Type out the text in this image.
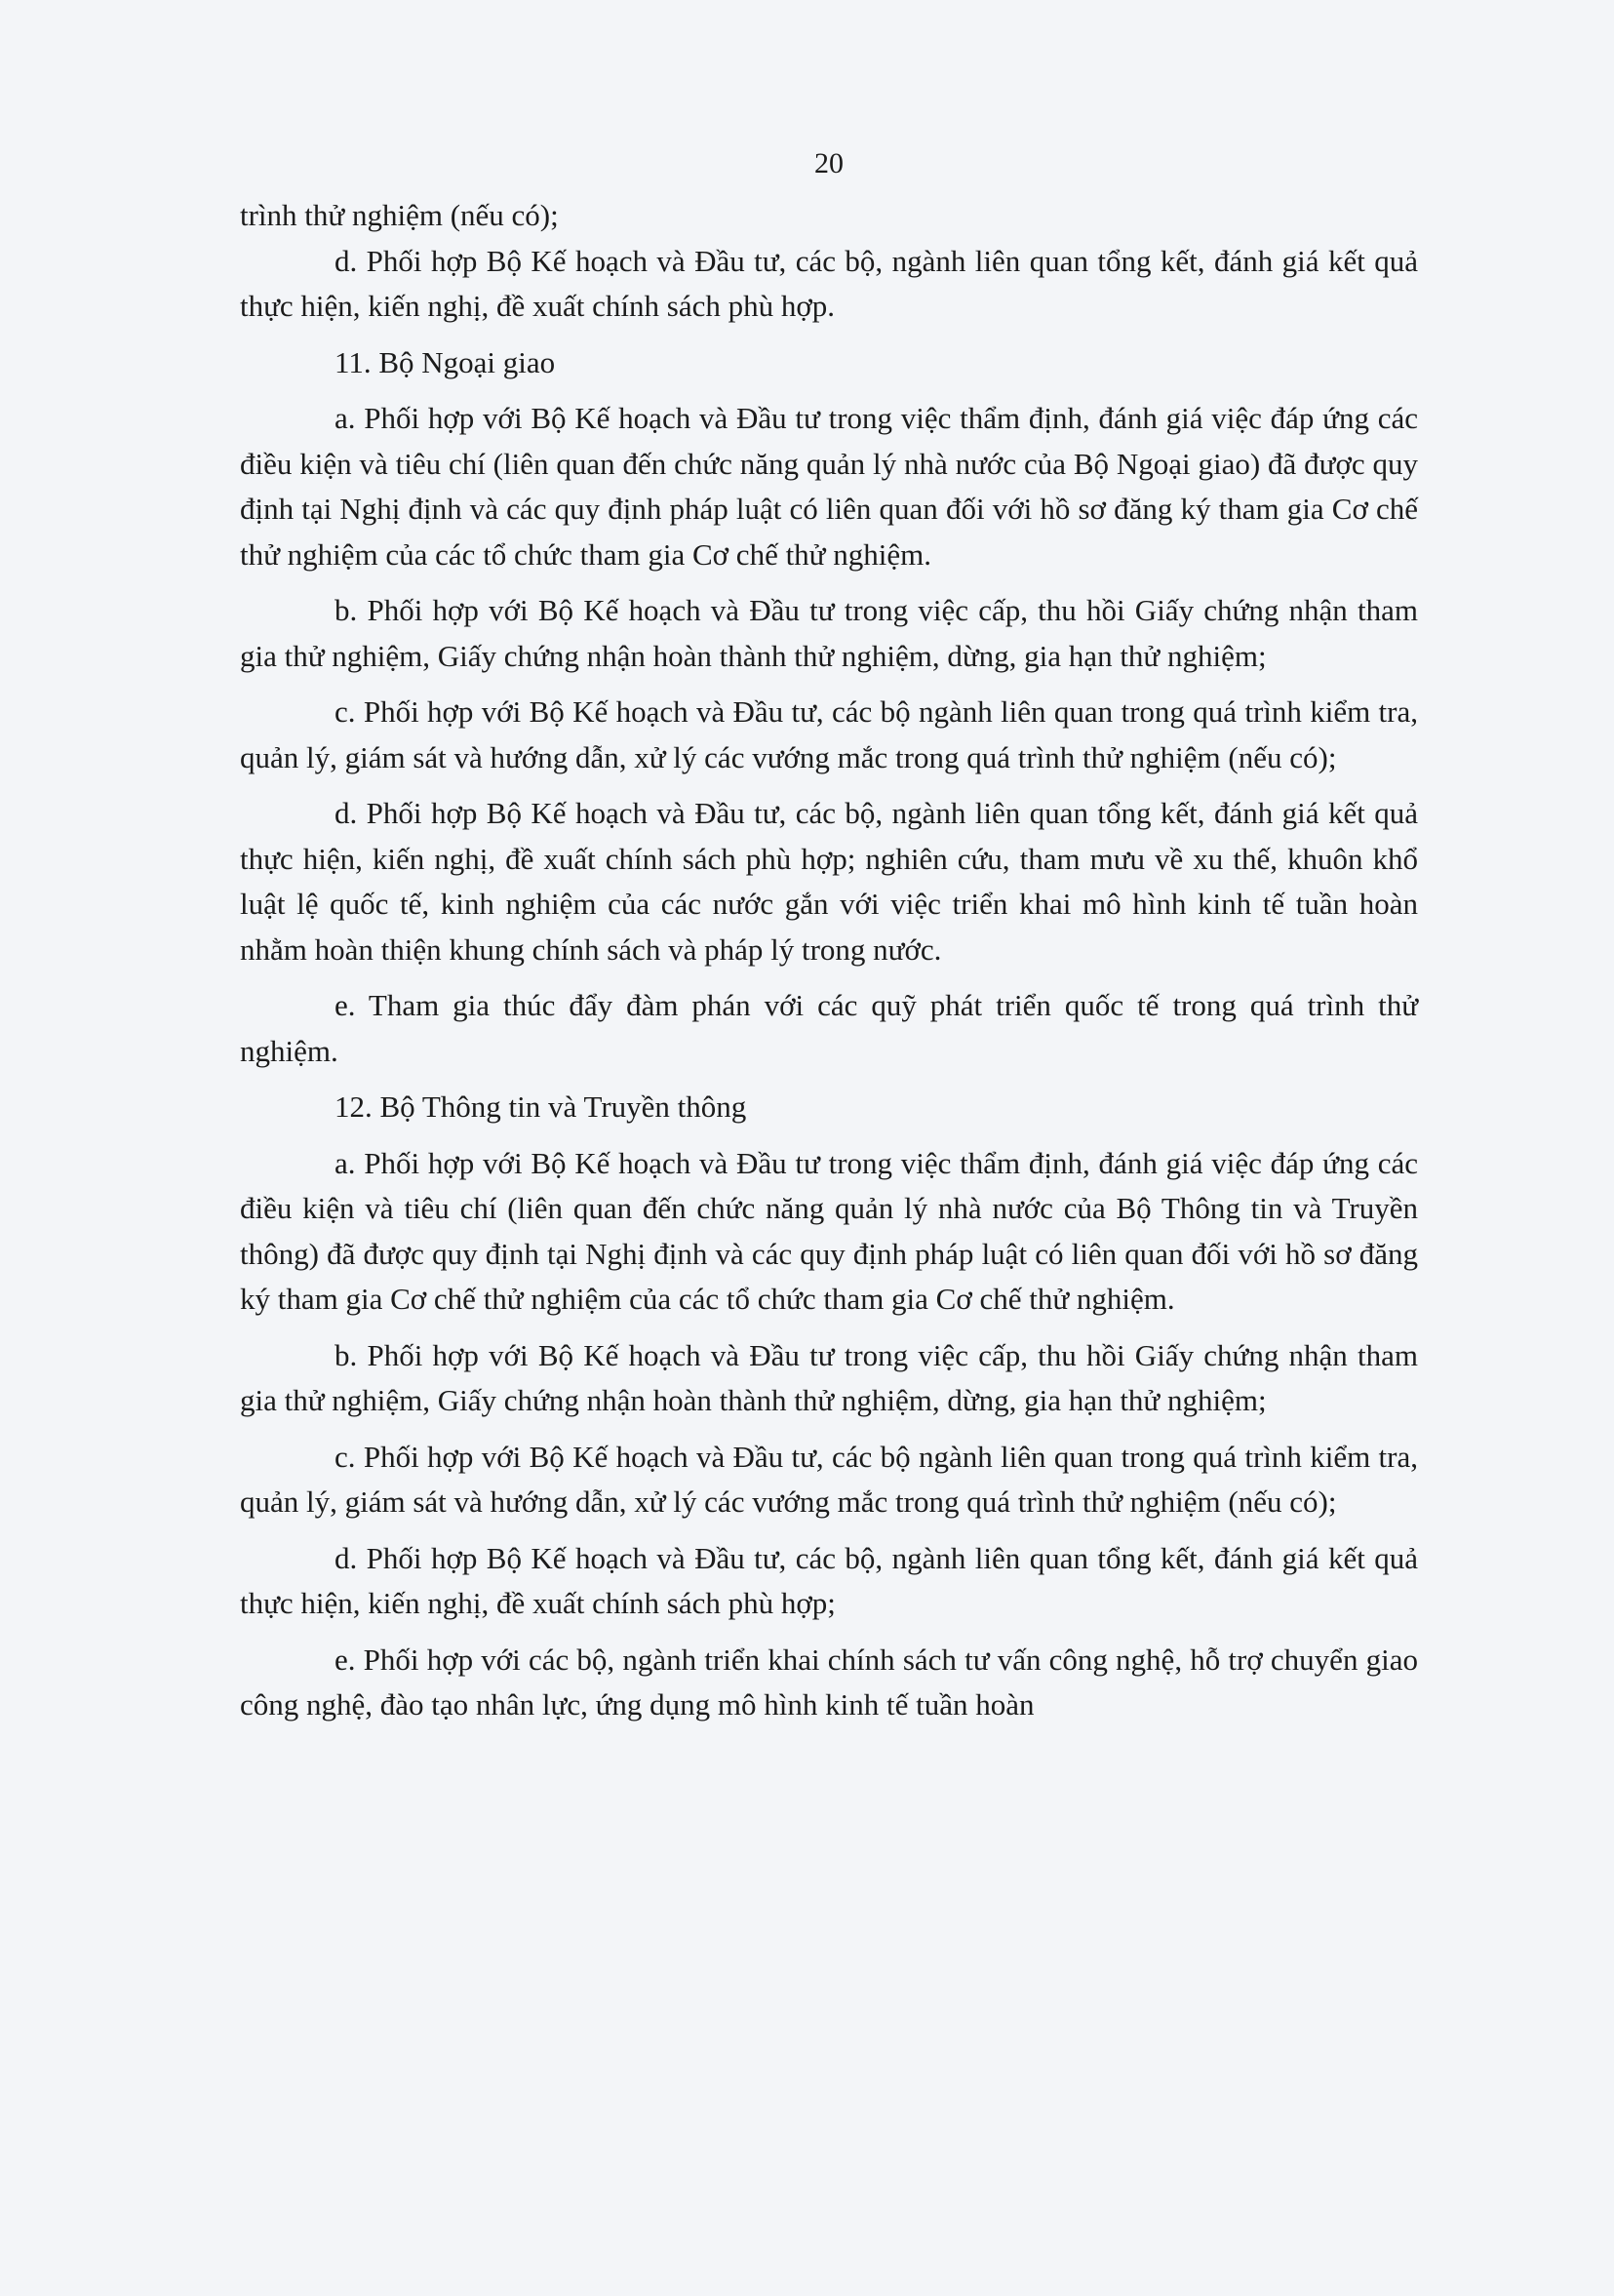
20

trình thử nghiệm (nếu có);

d. Phối hợp Bộ Kế hoạch và Đầu tư, các bộ, ngành liên quan tổng kết, đánh giá kết quả thực hiện, kiến nghị, đề xuất chính sách phù hợp.

11. Bộ Ngoại giao

a. Phối hợp với Bộ Kế hoạch và Đầu tư trong việc thẩm định, đánh giá việc đáp ứng các điều kiện và tiêu chí (liên quan đến chức năng quản lý nhà nước của Bộ Ngoại giao) đã được quy định tại Nghị định và các quy định pháp luật có liên quan đối với hồ sơ đăng ký tham gia Cơ chế thử nghiệm của các tổ chức tham gia Cơ chế thử nghiệm.

b. Phối hợp với Bộ Kế hoạch và Đầu tư trong việc cấp, thu hồi Giấy chứng nhận tham gia thử nghiệm, Giấy chứng nhận hoàn thành thử nghiệm, dừng, gia hạn thử nghiệm;

c. Phối hợp với Bộ Kế hoạch và Đầu tư, các bộ ngành liên quan trong quá trình kiểm tra, quản lý, giám sát và hướng dẫn, xử lý các vướng mắc trong quá trình thử nghiệm (nếu có);

d. Phối hợp Bộ Kế hoạch và Đầu tư, các bộ, ngành liên quan tổng kết, đánh giá kết quả thực hiện, kiến nghị, đề xuất chính sách phù hợp; nghiên cứu, tham mưu về xu thế, khuôn khổ luật lệ quốc tế, kinh nghiệm của các nước gắn với việc triển khai mô hình kinh tế tuần hoàn nhằm hoàn thiện khung chính sách và pháp lý trong nước.

e. Tham gia thúc đẩy đàm phán với các quỹ phát triển quốc tế trong quá trình thử nghiệm.

12. Bộ Thông tin và Truyền thông

a. Phối hợp với Bộ Kế hoạch và Đầu tư trong việc thẩm định, đánh giá việc đáp ứng các điều kiện và tiêu chí (liên quan đến chức năng quản lý nhà nước của Bộ Thông tin và Truyền thông) đã được quy định tại Nghị định và các quy định pháp luật có liên quan đối với hồ sơ đăng ký tham gia Cơ chế thử nghiệm của các tổ chức tham gia Cơ chế thử nghiệm.

b. Phối hợp với Bộ Kế hoạch và Đầu tư trong việc cấp, thu hồi Giấy chứng nhận tham gia thử nghiệm, Giấy chứng nhận hoàn thành thử nghiệm, dừng, gia hạn thử nghiệm;

c. Phối hợp với Bộ Kế hoạch và Đầu tư, các bộ ngành liên quan trong quá trình kiểm tra, quản lý, giám sát và hướng dẫn, xử lý các vướng mắc trong quá trình thử nghiệm (nếu có);

d. Phối hợp Bộ Kế hoạch và Đầu tư, các bộ, ngành liên quan tổng kết, đánh giá kết quả thực hiện, kiến nghị, đề xuất chính sách phù hợp;

e. Phối hợp với các bộ, ngành triển khai chính sách tư vấn công nghệ, hỗ trợ chuyển giao công nghệ, đào tạo nhân lực, ứng dụng mô hình kinh tế tuần hoàn
